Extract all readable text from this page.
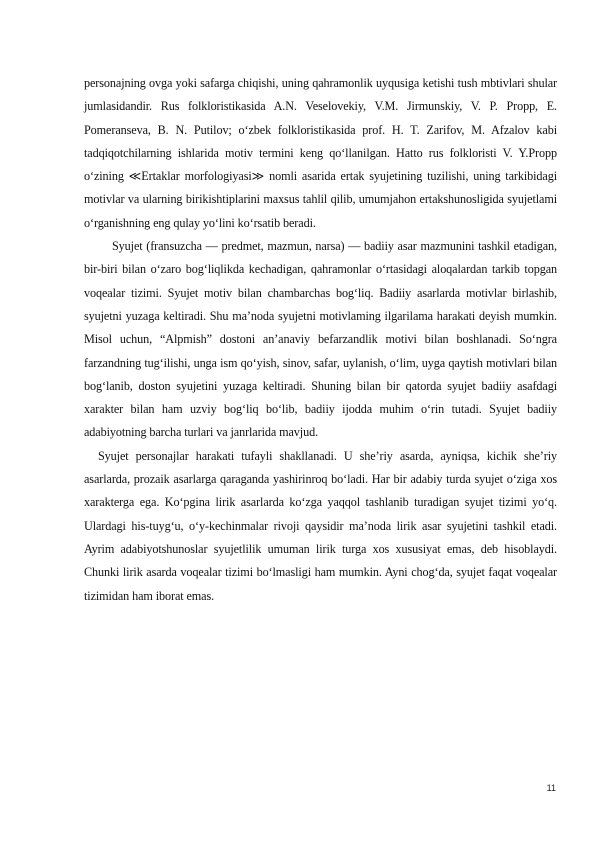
personajning ovga yoki safarga chiqishi, uning qahramonlik uyqusiga ketishi tush mbtivlari shular jumlasidandir. Rus folkloristikasida A.N. Veselovekiy, V.M. Jirmunskiy, V. P. Propp, E. Pomeranseva, B. N. Putilov; o‘zbek folkloristikasida prof. H. T. Zarifov, M. Afzalov kabi tadqiqotchilarning ishlarida motiv termini keng qo‘llanilgan. Hatto rus folkloristi V. Y.Propp o‘zining ≪Ertaklar morfologiyasi≫ nomli asarida ertak syujetining tuzilishi, uning tarkibidagi motivlar va ularning birikishtiplarini maxsus tahlil qilib, umumjahon ertakshunosligida syujetlami o‘rganishning eng qulay yo‘lini ko‘rsatib beradi.

Syujet (fransuzcha — predmet, mazmun, narsa) — badiiy asar mazmunini tashkil etadigan, bir-biri bilan o‘zaro bog‘liqlikda kechadigan, qahramonlar o‘rtasidagi aloqalardan tarkib topgan voqealar tizimi. Syujet motiv bilan chambarchas bog‘liq. Badiiy asarlarda motivlar birlashib, syujetni yuzaga keltiradi. Shu ma’noda syujetni motivlaming ilgarilama harakati deyish mumkin. Misol uchun, “Alpmish” dostoni an’anaviy befarzandlik motivi bilan boshlanadi. So‘ngra farzandning tug‘ilishi, unga ism qo‘yish, sinov, safar, uylanish, o‘lim, uyga qaytish motivlari bilan bog‘lanib, doston syujetini yuzaga keltiradi. Shuning bilan bir qatorda syujet badiiy asafdagi xarakter bilan ham uzviy bog‘liq bo‘lib, badiiy ijodda muhim o‘rin tutadi. Syujet badiiy adabiyotning barcha turlari va janrlarida mavjud.

Syujet personajlar harakati tufayli shakllanadi. U she’riy asarda, ayniqsa, kichik she’riy asarlarda, prozaik asarlarga qaraganda yashirinroq bo‘ladi. Har bir adabiy turda syujet o‘ziga xos xarakterga ega. Ko‘pgina lirik asarlarda ko‘zga yaqqol tashlanib turadigan syujet tizimi yo‘q. Ulardagi his-tuyg‘u, o‘y-kechinmalar rivoji qaysidir ma’noda lirik asar syujetini tashkil etadi. Ayrim adabiyotshunoslar syujetlilik umuman lirik turga xos xususiyat emas, deb hisoblaydi. Chunki lirik asarda voqealar tizimi bo‘lmasligi ham mumkin. Ayni chog‘da, syujet faqat voqealar tizimidan ham iborat emas.

11
